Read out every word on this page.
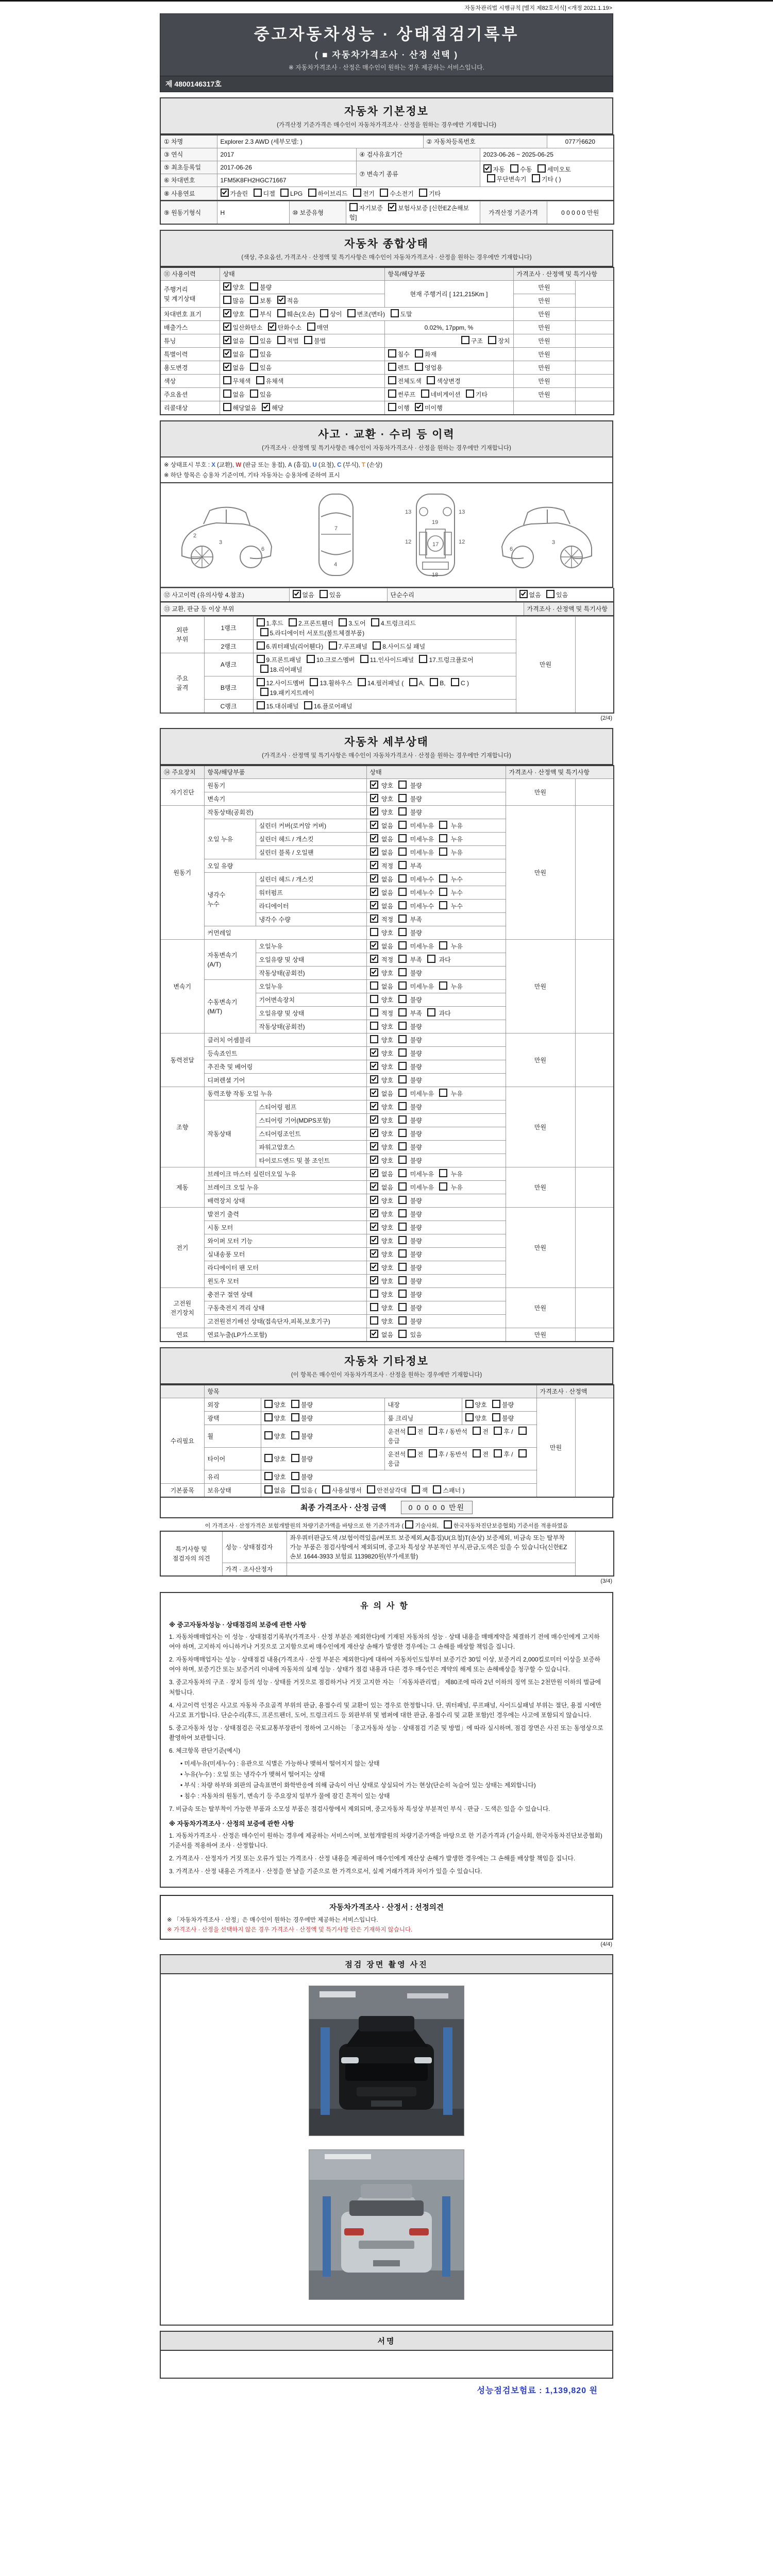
자동차관리법 시행규칙 [별지 제82호서식] <개정 2021.1.19>
중고자동차성능 · 상태점검기록부
( ■ 자동차가격조사 · 산정 선택 )
※ 자동차가격조사 · 산정은 매수인이 원하는 경우 제공하는 서비스입니다.
제 4800146317호
자동차 기본정보
(가격산정 기준가격은 매수인이 자동차가격조사 · 산정을 원하는 경우에만 기재합니다)
① 차명	Explorer 2.3 AWD (세부모델: )		② 자동차등록번호		077가6620
③ 연식	2017	④ 검사유효기간		2023-06-26 ~ 2025-06-25	
⑤ 최초등록일	2017-06-26	⑦ 변속기 종류		자동 수동 세미오토
무단변속기 기타 ( )	
⑥ 차대번호	1FM5K8FH2HGC71667				
⑧ 사용연료	가솔린 디젤 LPG 하이브리드 전기 수소전기 기타				
⑨ 원동기형식	H	⑩ 보증유형	자기보증 보험사보증 [신한EZ손해보험]	가격산정 기준가격	0 0 0 0 0 만원
자동차 종합상태
(색상, 주요옵션, 가격조사 · 산정액 및 특기사항은 매수인이 자동차가격조사 · 산정을 원하는 경우에만 기재합니다)
⑪ 사용이력	상태	항목/해당부품	가격조사 · 산정액 및 특기사항	
주행거리
및 계기상태	양호 불량	현재 주행거리 [ 121,215Km ]	만원	
	많음 보통 적음		만원	
차대번호 표기	양호 부식 훼손(오손) 상이 변조(변타) 도말		만원	
배출가스	일산화탄소 탄화수소 매연	0.02%, 17ppm, %	만원	
튜닝	없음 있음 적법 불법	구조 장치	만원	
특별이력	없음 있음	침수 화재	만원	
용도변경	없음 있음	렌트 영업용	만원	
색상	무채색 유채색	전체도색 색상변경	만원	
주요옵션	없음 있음	썬루프 네비게이션 기타	만원	
리콜대상	해당없음 해당	이행 미이행		
사고 · 교환 · 수리 등 이력
(가격조사 · 산정액 및 특기사항은 매수인이 자동차가격조사 · 산정을 원하는 경우에만 기재합니다)
※ 상태표시 부호 : X (교환), W (판금 또는 용접), A (흠집), U (요철), C (부식), T (손상)
※ 하단 항목은 승용차 기준이며, 기타 자동차는 승용차에 준하여 표시
3
6
2
7
4
13	13
19
12	12
17
18
6
3
⑫ 사고이력 (유의사항 4.참조)	없음 있음	단순수리	없음 있음
⑬ 교환, 판금 등 이상 부위	가격조사 · 산정액 및 특기사항
외판
부위	1랭크	1.후드 2.프론트휀더 3.도어 4.트렁크리드
5.라디에이터 서포트(볼트체결부품)	만원	
	2랭크	6.쿼터패널(리어휀다) 7.루프패널 8.사이드실 패널		
주요
골격	A랭크	9.프론트패널 10.크로스멤버 11.인사이드패널 17.트렁크플로어
18.리어패널		
	B랭크	12.사이드멤버 13.휠하우스 14.필러패널 ( A, B, C )
19.패키지트레이		
	C랭크	15.대쉬패널 16.플로어패널		
(2/4)
자동차 세부상태
(가격조사 · 산정액 및 특기사항은 매수인이 자동차가격조사 · 산정을 원하는 경우에만 기재합니다)
⑭ 주요장치	항목/해당부품		상태	가격조사 · 산정액 및 특기사항	
자기진단	원동기		양호  불량	만원	
	변속기		양호  불량		
원동기	작동상태(공회전)		양호  불량	만원	
	오일 누유	실린더 커버(로커암 커버)	없음  미세누유  누유		
		실린더 헤드 / 개스킷	없음  미세누유  누유		
		실린더 블록 / 오일팬	없음  미세누유  누유		
	오일 유량		적정  부족		
	냉각수
누수	실린더 헤드 / 개스킷	없음  미세누수  누수		
		워터펌프	없음  미세누수  누수		
		라디에이터	없음  미세누수  누수		
		냉각수 수량	적정  부족		
	커먼레일		양호  불량		
변속기	자동변속기
(A/T)	오일누유	없음  미세누유  누유	만원	
		오일유량 및 상태	적정  부족  과다		
		작동상태(공회전)	양호  불량		
	수동변속기
(M/T)	오일누유	없음  미세누유  누유		
		기어변속장치	양호  불량		
		오일유량 및 상태	적정  부족  과다		
		작동상태(공회전)	양호  불량		
동력전달	클러치 어셈블리		양호  불량	만원	
	등속죠인트		양호  불량		
	추진축 및 베어링		양호  불량		
	디퍼렌셜 기어		양호  불량		
조향	동력조향 작동 오일 누유		없음  미세누유  누유	만원	
	작동상태	스티어링 펌프	양호  불량		
		스티어링 기어(MDPS포함)	양호  불량		
		스티어링조인트	양호  불량		
		파워고압호스	양호  불량		
		타이로드엔드 및 볼 조인트	양호  불량		
제동	브레이크 마스터 실린더오일 누유		없음  미세누유  누유	만원	
	브레이크 오일 누유		없음  미세누유  누유		
	배력장치 상태		양호  불량		
전기	발전기 출력		양호  불량	만원	
	시동 모터		양호  불량		
	와이퍼 모터 기능		양호  불량		
	실내송풍 모터		양호  불량		
	라디에이터 팬 모터		양호  불량		
	윈도우 모터		양호  불량		
고전원
전기장치	충전구 절연 상태		양호  불량	만원	
	구동축전지 격리 상태		양호  불량		
	고전원전기배선 상태(접속단자,피복,보호기구)		양호  불량		
연료	연료누출(LP가스포함)		없음  있음	만원	
자동차 기타정보
(이 항목은 매수인이 자동차가격조사 · 산정을 원하는 경우에만 기재합니다)
	항목				가격조사 · 산정액	
수리필요	외장	양호 불량	내장	양호 불량	만원	
	광택	양호 불량	룸 크리닝	양호 불량		
	휠	양호 불량	운전석 전 후 / 동반석 전 후 / 응급			
	타이어	양호 불량	운전석 전 후 / 동반석 전 후 / 응급			
	유리	양호 불량				
기본품목	보유상태	없음 있음 ( 사용설명서 안전삼각대 잭 스패너 )				
최종 가격조사 · 산정 금액	0 0 0 0 0 만원
이 가격조사 · 산정가격은 보험개발원의 차량기준가액을 바탕으로 한 기준가격과 ( 기술사회, 한국자동차진단보증협회) 기준서를 적용하였음
특기사항 및
점검자의 의견	성능 · 상태점검자	좌우쿼터판금도색 /보험이력있음/써포트 보증제외,A(흠집)U(요철)T(손상) 보증제외, 비금속 또는 탈부착 가능 부품은 점검사항에서 제외되며, 중고차 특성상 부분적인 부식,판금,도색은 있을 수 있습니다(신한EZ손보 1644-3933 보험료 1139820원(부가세포함)	
	가격 · 조사산정자		
(3/4)
유의사항
※ 중고자동차성능 · 상태점검의 보증에 관한 사항
1. 자동차매매업자는 이 성능 · 상태점검기록부(가격조사 · 산정 부분은 제외한다)에 기재된 자동차의 성능 · 상태 내용을 매매계약을 체결하기 전에 매수인에게 고지하여야 하며, 고지하지 아니하거나 거짓으로 고지함으로써 매수인에게 재산상 손해가 발생한 경우에는 그 손해를 배상할 책임을 집니다.
2. 자동차매매업자는 성능 · 상태점검 내용(가격조사 · 산정 부분은 제외한다)에 대하여 자동차인도일부터 보증기간 30일 이상, 보증거리 2,000킬로미터 이상을 보증하여야 하며, 보증기간 또는 보증거리 이내에 자동차의 실제 성능 · 상태가 점검 내용과 다른 경우 매수인은 계약의 해제 또는 손해배상을 청구할 수 있습니다.
3. 중고자동차의 구조 · 장치 등의 성능 · 상태를 거짓으로 점검하거나 거짓 고지한 자는 「자동차관리법」 제80조에 따라 2년 이하의 징역 또는 2천만원 이하의 벌금에 처합니다.
4. 사고이력 인정은 사고로 자동차 주요골격 부위의 판금, 용접수리 및 교환이 있는 경우로 한정합니다. 단, 쿼터패널, 루프패널, 사이드실패널 부위는 절단, 용접 시에만 사고로 표기합니다. 단순수리(후드, 프론트펜더, 도어, 트렁크리드 등 외판부위 및 범퍼에 대한 판금, 용접수리 및 교환 포함)인 경우에는 사고에 포함되지 않습니다.
5. 중고자동차 성능 · 상태점검은 국토교통부장관이 정하여 고시하는 「중고자동차 성능 · 상태점검 기준 및 방법」에 따라 실시하며, 점검 장면은 사진 또는 동영상으로 촬영하여 보관합니다.
6. 체크항목 판단기준(예시)
• 미세누유(미세누수) : 유관으로 식별은 가능하나 맺혀서 떨어지지 않는 상태
• 누유(누수) : 오일 또는 냉각수가 맺혀서 떨어지는 상태
• 부식 : 차량 하부와 외판의 금속표면이 화학반응에 의해 금속이 아닌 상태로 상실되어 가는 현상(단순히 녹슬어 있는 상태는 제외합니다)
• 침수 : 자동차의 원동기, 변속기 등 주요장치 일부가 물에 잠긴 흔적이 있는 상태
7. 비금속 또는 탈부착이 가능한 부품과 소모성 부품은 점검사항에서 제외되며, 중고자동차 특성상 부분적인 부식 · 판금 · 도색은 있을 수 있습니다.
※ 자동차가격조사 · 산정의 보증에 관한 사항
1. 자동차가격조사 · 산정은 매수인이 원하는 경우에 제공하는 서비스이며, 보험개발원의 차량기준가액을 바탕으로 한 기준가격과 (기술사회, 한국자동차진단보증협회) 기준서를 적용하여 조사 · 산정합니다.
2. 가격조사 · 산정자가 거짓 또는 오류가 있는 가격조사 · 산정 내용을 제공하여 매수인에게 재산상 손해가 발생한 경우에는 그 손해를 배상할 책임을 집니다.
3. 가격조사 · 산정 내용은 가격조사 · 산정을 한 날을 기준으로 한 가격으로서, 실제 거래가격과 차이가 있을 수 있습니다.
자동차가격조사 · 산정서 : 선정의견
※ 「자동차가격조사 · 산정」은 매수인이 원하는 경우에만 제공하는 서비스입니다.
※ 가격조사 · 산정을 선택하지 않은 경우 가격조사 · 산정액 및 특기사항 란은 기재하지 않습니다.
(4/4)
점검 장면 촬영 사진
서명
성능점검보험료 : 1,139,820 원
